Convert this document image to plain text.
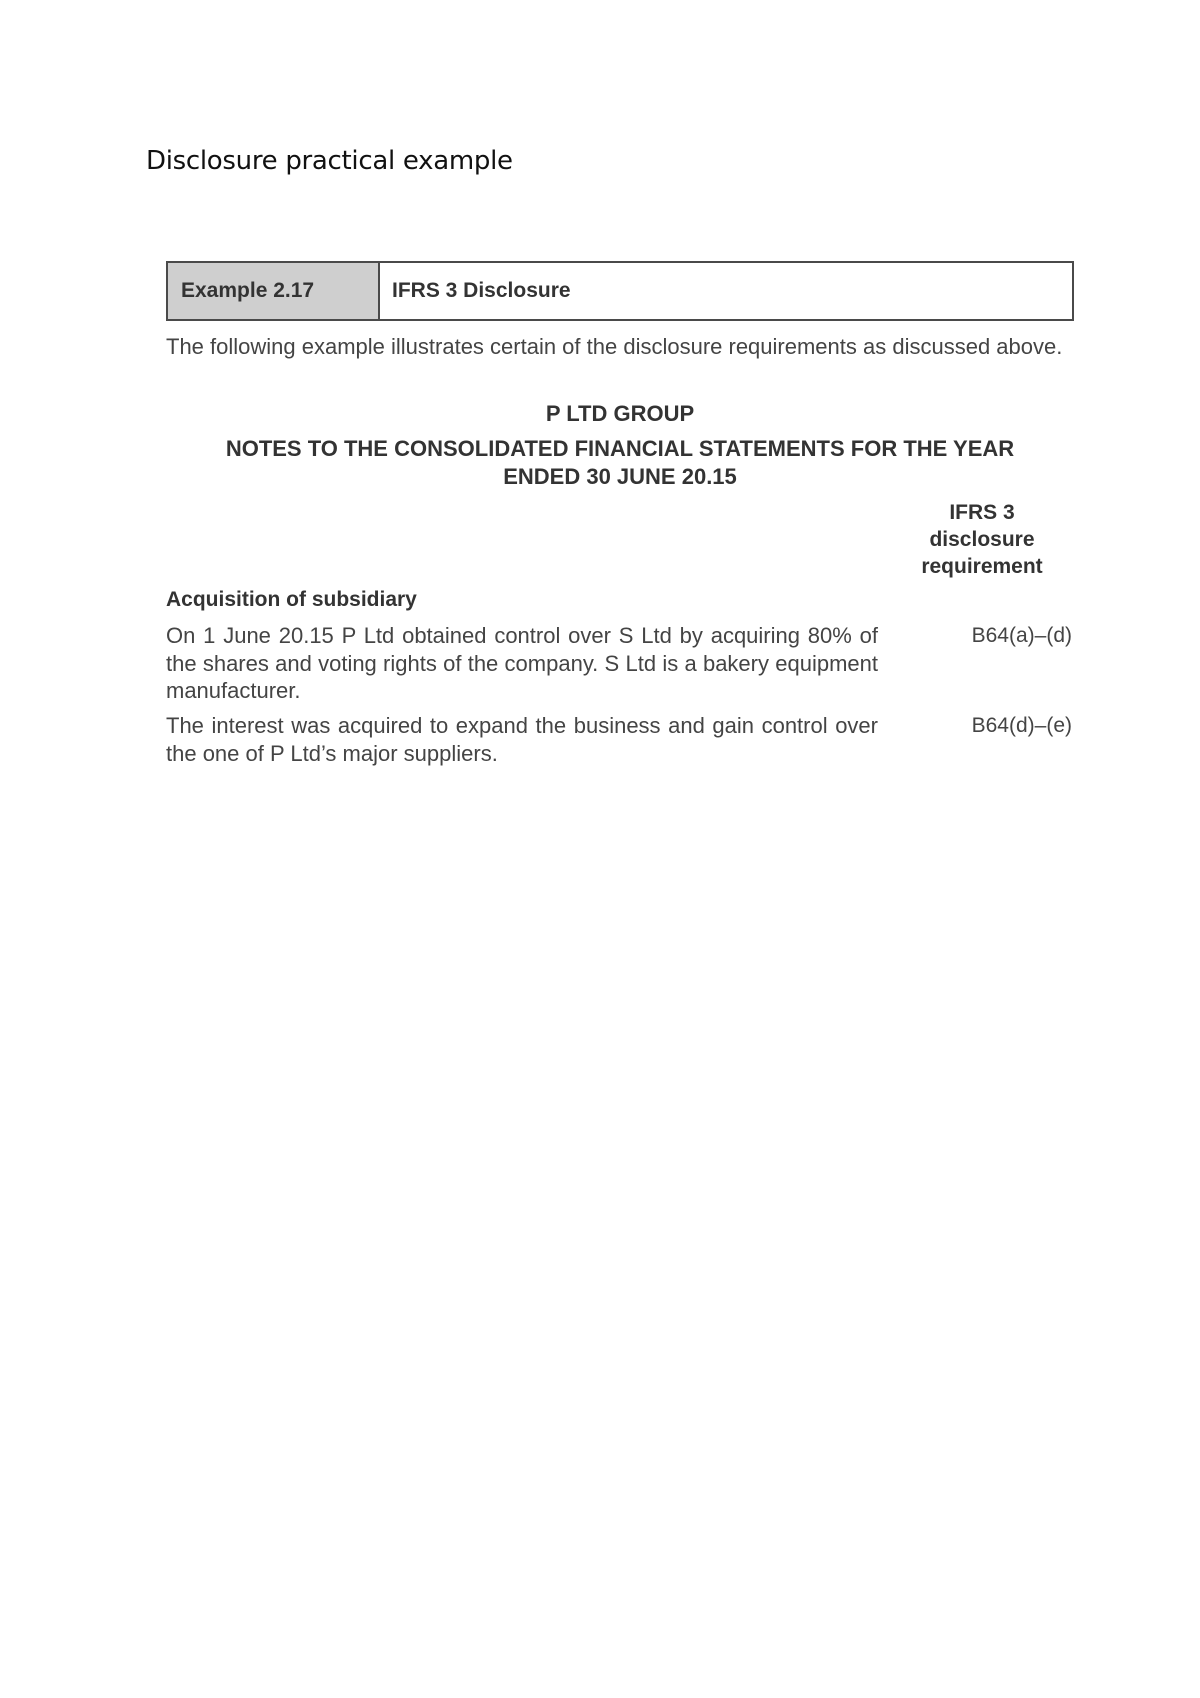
Disclosure practical example
Example 2.17	IFRS 3 Disclosure

The following example illustrates certain of the disclosure requirements as discussed above.

P LTD GROUP

NOTES TO THE CONSOLIDATED FINANCIAL STATEMENTS FOR THE YEAR
ENDED 30 JUNE 20.15

IFRS 3
disclosure
requirement

Acquisition of subsidiary

On 1 June 20.15 P Ltd obtained control over S Ltd by acquiring 80% of the shares and voting rights of the company. S Ltd is a bakery equipment manufacturer.

B64(a)–(d)

The interest was acquired to expand the business and gain control over the one of P Ltd’s major suppliers.

B64(d)–(e)
